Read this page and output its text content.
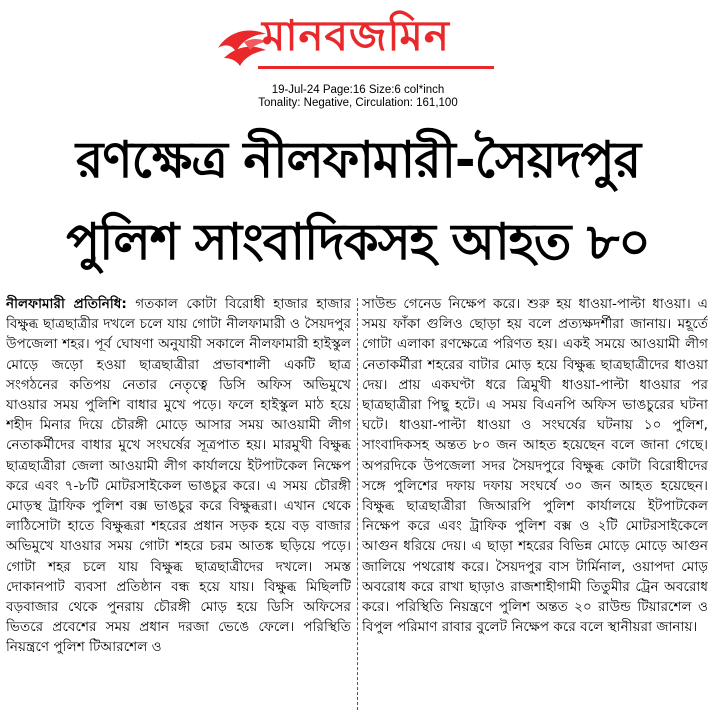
মানবজমিন
19-Jul-24 Page:16 Size:6 col*inch
Tonality: Negative, Circulation: 161,100
রণক্ষেত্র নীলফামারী-সৈয়দপুর
পুলিশ সাংবাদিকসহ আহত ৮০

নীলফামারী প্রতিনিধি: গতকাল কোটা বিরোধী হাজার হাজার বিক্ষুব্ধ ছাত্রছাত্রীর দখলে চলে যায় গোটা নীলফামারী ও সৈয়দপুর উপজেলা শহর। পূর্ব ঘোষণা অনুযায়ী সকালে নীলফামারী হাইস্কুল মোড়ে জড়ো হওয়া ছাত্রছাত্রীরা প্রভাবশালী একটি ছাত্র সংগঠনের কতিপয় নেতার নেতৃত্বে ডিসি অফিস অভিমুখে যাওয়ার সময় পুলিশি বাধার মুখে পড়ে। ফলে হাইস্কুল মাঠ হয়ে শহীদ মিনার দিয়ে চৌরঙ্গী মোড়ে আসার সময় আওয়ামী লীগ নেতাকর্মীদের বাধার মুখে সংঘর্ষের সূত্রপাত হয়। মারমুখী বিক্ষুব্ধ ছাত্রছাত্রীরা জেলা আওয়ামী লীগ কার্যালয়ে ইটপাটকেল নিক্ষেপ করে এবং ৭-৮টি মোটরসাইকেল ভাঙচুর করে। এ সময় চৌরঙ্গী মোড়স্থ ট্রাফিক পুলিশ বক্স ভাঙচুর করে বিক্ষুব্ধরা। এখান থেকে লাঠিসোটা হাতে বিক্ষুব্ধরা শহরের প্রধান সড়ক হয়ে বড় বাজার অভিমুখে যাওয়ার সময় গোটা শহরে চরম আতঙ্ক ছড়িয়ে পড়ে। গোটা শহর চলে যায় বিক্ষুব্ধ ছাত্রছাত্রীদের দখলে। সমস্ত দোকানপাট ব্যবসা প্রতিষ্ঠান বন্ধ হয়ে যায়। বিক্ষুব্ধ মিছিলটি বড়বাজার থেকে পুনরায় চৌরঙ্গী মোড় হয়ে ডিসি অফিসের ভিতরে প্রবেশের সময় প্রধান দরজা ভেঙে ফেলে। পরিস্থিতি নিয়ন্ত্রণে পুলিশ টিআরশেল ও

সাউন্ড গেনেড নিক্ষেপ করে। শুরু হয় ধাওয়া-পাল্টা ধাওয়া। এ সময় ফাঁকা গুলিও ছোড়া হয় বলে প্রত্যক্ষদর্শীরা জানায়। মহূর্তে গোটা এলাকা রণক্ষেত্রে পরিণত হয়। একই সময়ে আওয়ামী লীগ নেতাকর্মীরা শহরের বাটার মোড় হয়ে বিক্ষুব্ধ ছাত্রছাত্রীদের ধাওয়া দেয়। প্রায় একঘণ্টা ধরে ত্রিমুখী ধাওয়া-পাল্টা ধাওয়ার পর ছাত্রছাত্রীরা পিছু হটে। এ সময় বিএনপি অফিস ভাঙচুরের ঘটনা ঘটে। ধাওয়া-পাল্টা ধাওয়া ও সংঘর্ষের ঘটনায় ১০ পুলিশ, সাংবাদিকসহ অন্তত ৮০ জন আহত হয়েছেন বলে জানা গেছে। অপরদিকে উপজেলা সদর সৈয়দপুরে বিক্ষুব্ধ কোটা বিরোধীদের সঙ্গে পুলিশের দফায় দফায় সংঘর্ষে ৩০ জন আহত হয়েছেন। বিক্ষুব্ধ ছাত্রছাত্রীরা জিআরপি পুলিশ কার্যালয়ে ইটপাটকেল নিক্ষেপ করে এবং ট্রাফিক পুলিশ বক্স ও ২টি মোটরসাইকেলে আগুন ধরিয়ে দেয়। এ ছাড়া শহরের বিভিন্ন মোড়ে মোড়ে আগুন জালিয়ে পথরোধ করে। সৈয়দপুর বাস টার্মিনাল, ওয়াপদা মোড় অবরোধ করে রাখা ছাড়াও রাজশাহীগামী তিতুমীর ট্রেন অবরোধ করে। পরিস্থিতি নিয়ন্ত্রণে পুলিশ অন্তত ২০ রাউন্ড টিয়ারশেল ও বিপুল পরিমাণ রাবার বুলেট নিক্ষেপ করে বলে স্থানীয়রা জানায়।
